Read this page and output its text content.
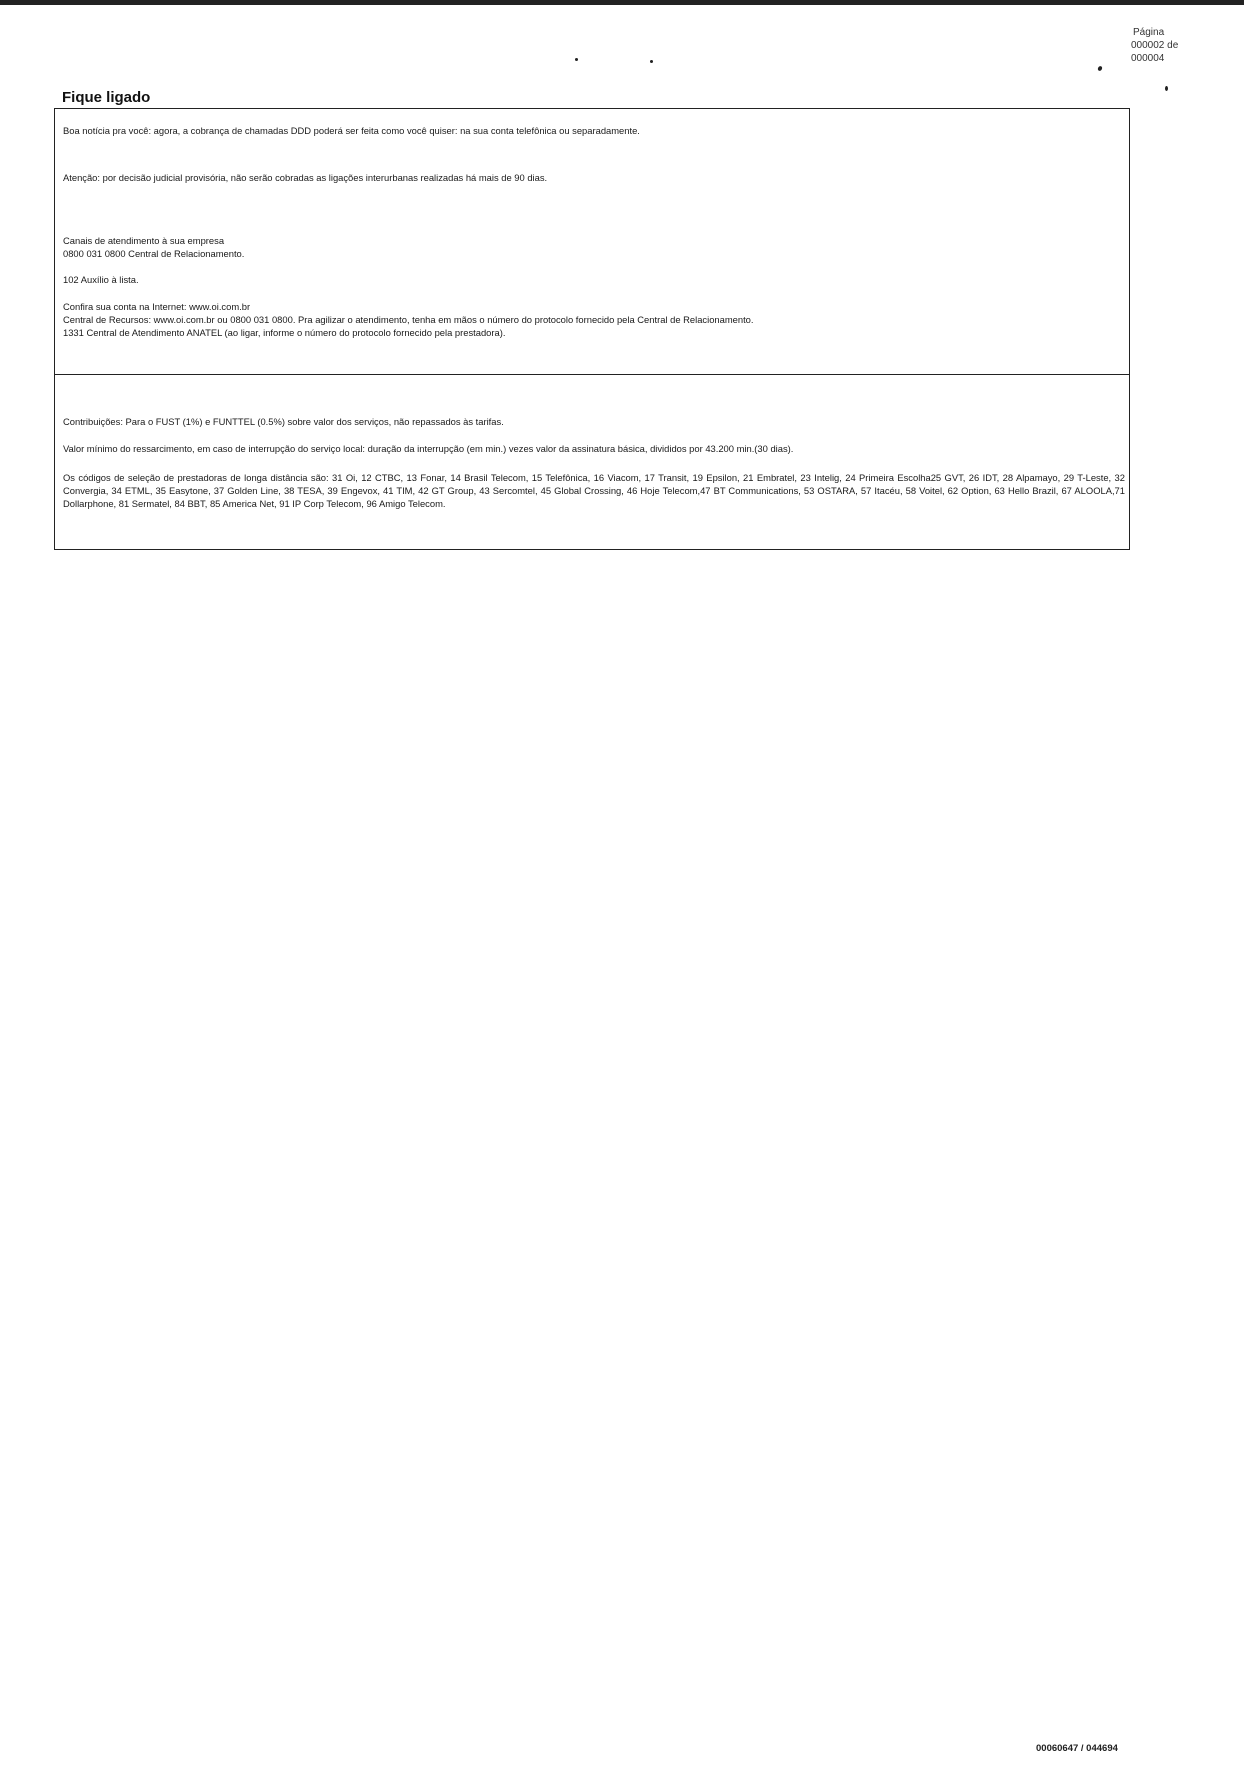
Página
000002 de
000004
Fique ligado
Boa notícia pra você: agora, a cobrança de chamadas DDD poderá ser feita como você quiser: na sua conta telefônica ou separadamente.
Atenção: por decisão judicial provisória, não serão cobradas as ligações interurbanas realizadas há mais de 90 dias.
Canais de atendimento à sua empresa
0800 031 0800 Central de Relacionamento.
102 Auxílio à lista.
Confira sua conta na Internet: www.oi.com.br
Central de Recursos: www.oi.com.br ou 0800 031 0800. Pra agilizar o atendimento, tenha em mãos o número do protocolo fornecido pela Central de Relacionamento.
1331 Central de Atendimento ANATEL (ao ligar, informe o número do protocolo fornecido pela prestadora).
Contribuições: Para o FUST (1%) e FUNTTEL (0.5%) sobre valor dos serviços, não repassados às tarifas.
Valor mínimo do ressarcimento, em caso de interrupção do serviço local: duração da interrupção (em min.) vezes valor da assinatura básica, divididos por 43.200 min.(30 dias).
Os códigos de seleção de prestadoras de longa distância são: 31 Oi, 12 CTBC, 13 Fonar, 14 Brasil Telecom, 15 Telefônica, 16 Viacom, 17 Transit, 19 Epsilon, 21 Embratel, 23 Intelig, 24 Primeira Escolha25 GVT, 26 IDT, 28 Alpamayo, 29 T-Leste, 32 Convergia, 34 ETML, 35 Easytone, 37 Golden Line, 38 TESA, 39 Engevox, 41 TIM, 42 GT Group, 43 Sercomtel, 45 Global Crossing, 46 Hoje Telecom,47 BT Communications, 53 OSTARA, 57 Itacéu, 58 Voitel, 62 Option, 63 Hello Brazil, 67 ALOOLA,71 Dollarphone, 81 Sermatel, 84 BBT, 85 America Net, 91 IP Corp Telecom, 96 Amigo Telecom.
00060647 / 044694
